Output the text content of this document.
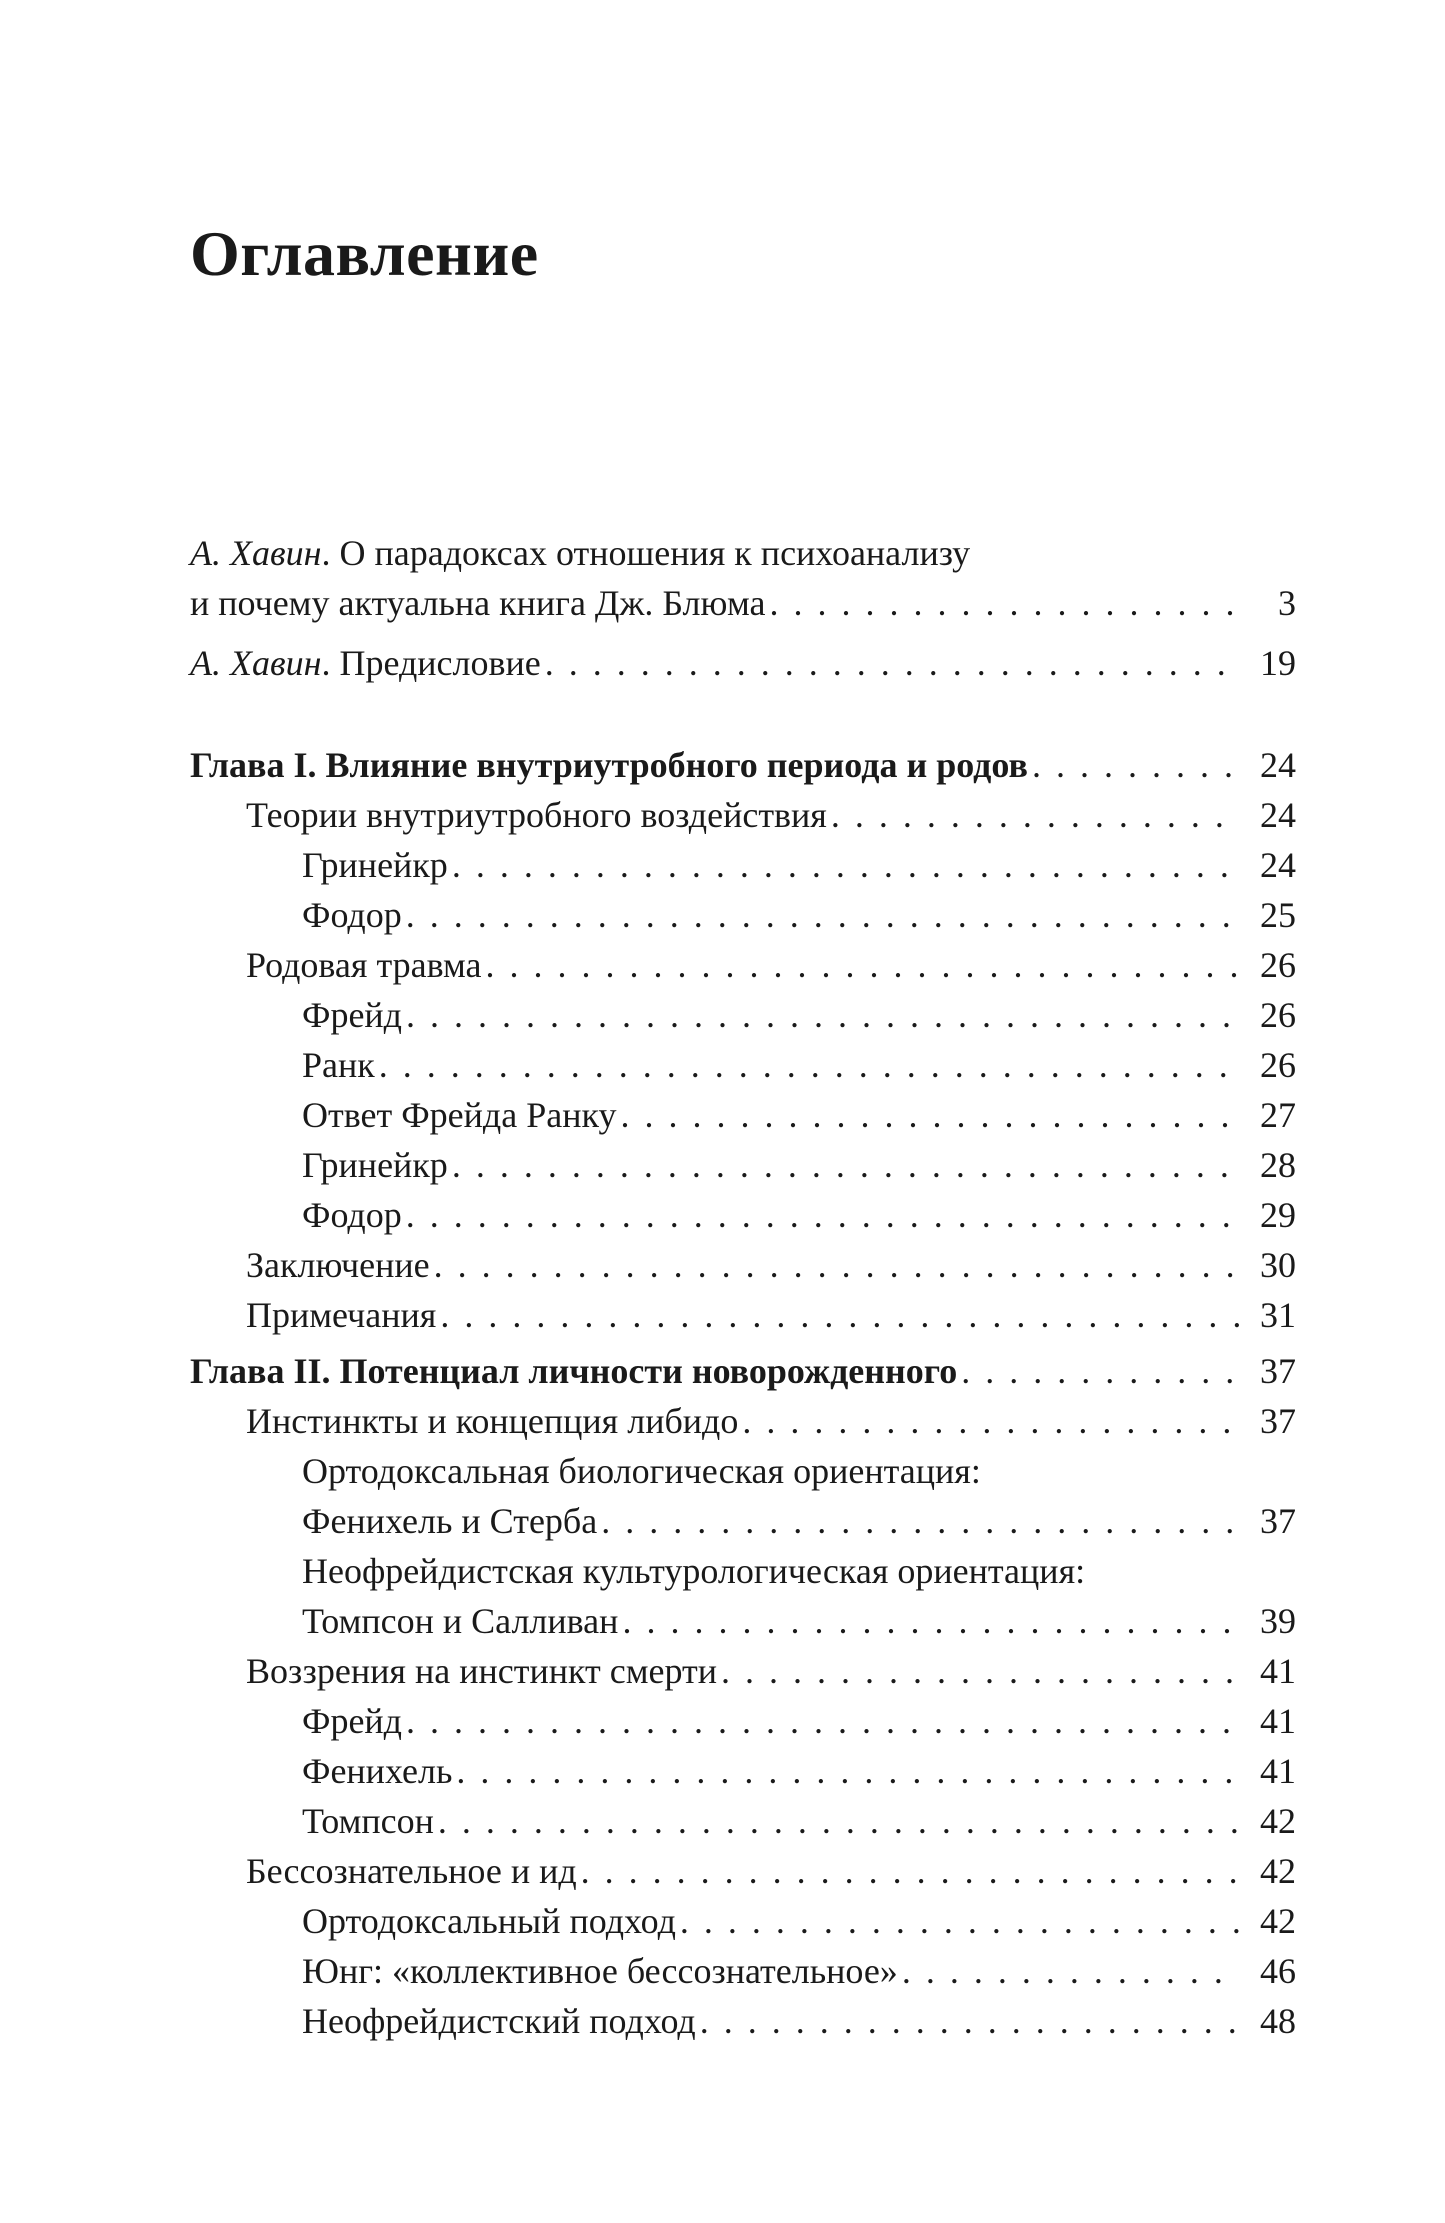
Оглавление
А. Хавин. О парадоксах отношения к психоанализу
и почему актуальна книга Дж. Блюма . . .	3
А. Хавин. Предисловие . . .	19
Глава I. Влияние внутриутробного периода и родов . . .	24
Теории внутриутробного воздействия . . .	24
Гринейкр . . .	24
Фодор . . .	25
Родовая травма . . .	26
Фрейд . . .	26
Ранк . . .	26
Ответ Фрейда Ранку . . .	27
Гринейкр . . .	28
Фодор . . .	29
Заключение . . .	30
Примечания . . .	31
Глава II. Потенциал личности новорожденного . . .	37
Инстинкты и концепция либидо . . .	37
Ортодоксальная биологическая ориентация:
Фенихель и Стерба . . .	37
Неофрейдистская культурологическая ориентация:
Томпсон и Салливан . . .	39
Воззрения на инстинкт смерти . . .	41
Фрейд . . .	41
Фенихель . . .	41
Томпсон . . .	42
Бессознательное и ид . . .	42
Ортодоксальный подход . . .	42
Юнг: «коллективное бессознательное» . . .	46
Неофрейдистский подход . . .	48
